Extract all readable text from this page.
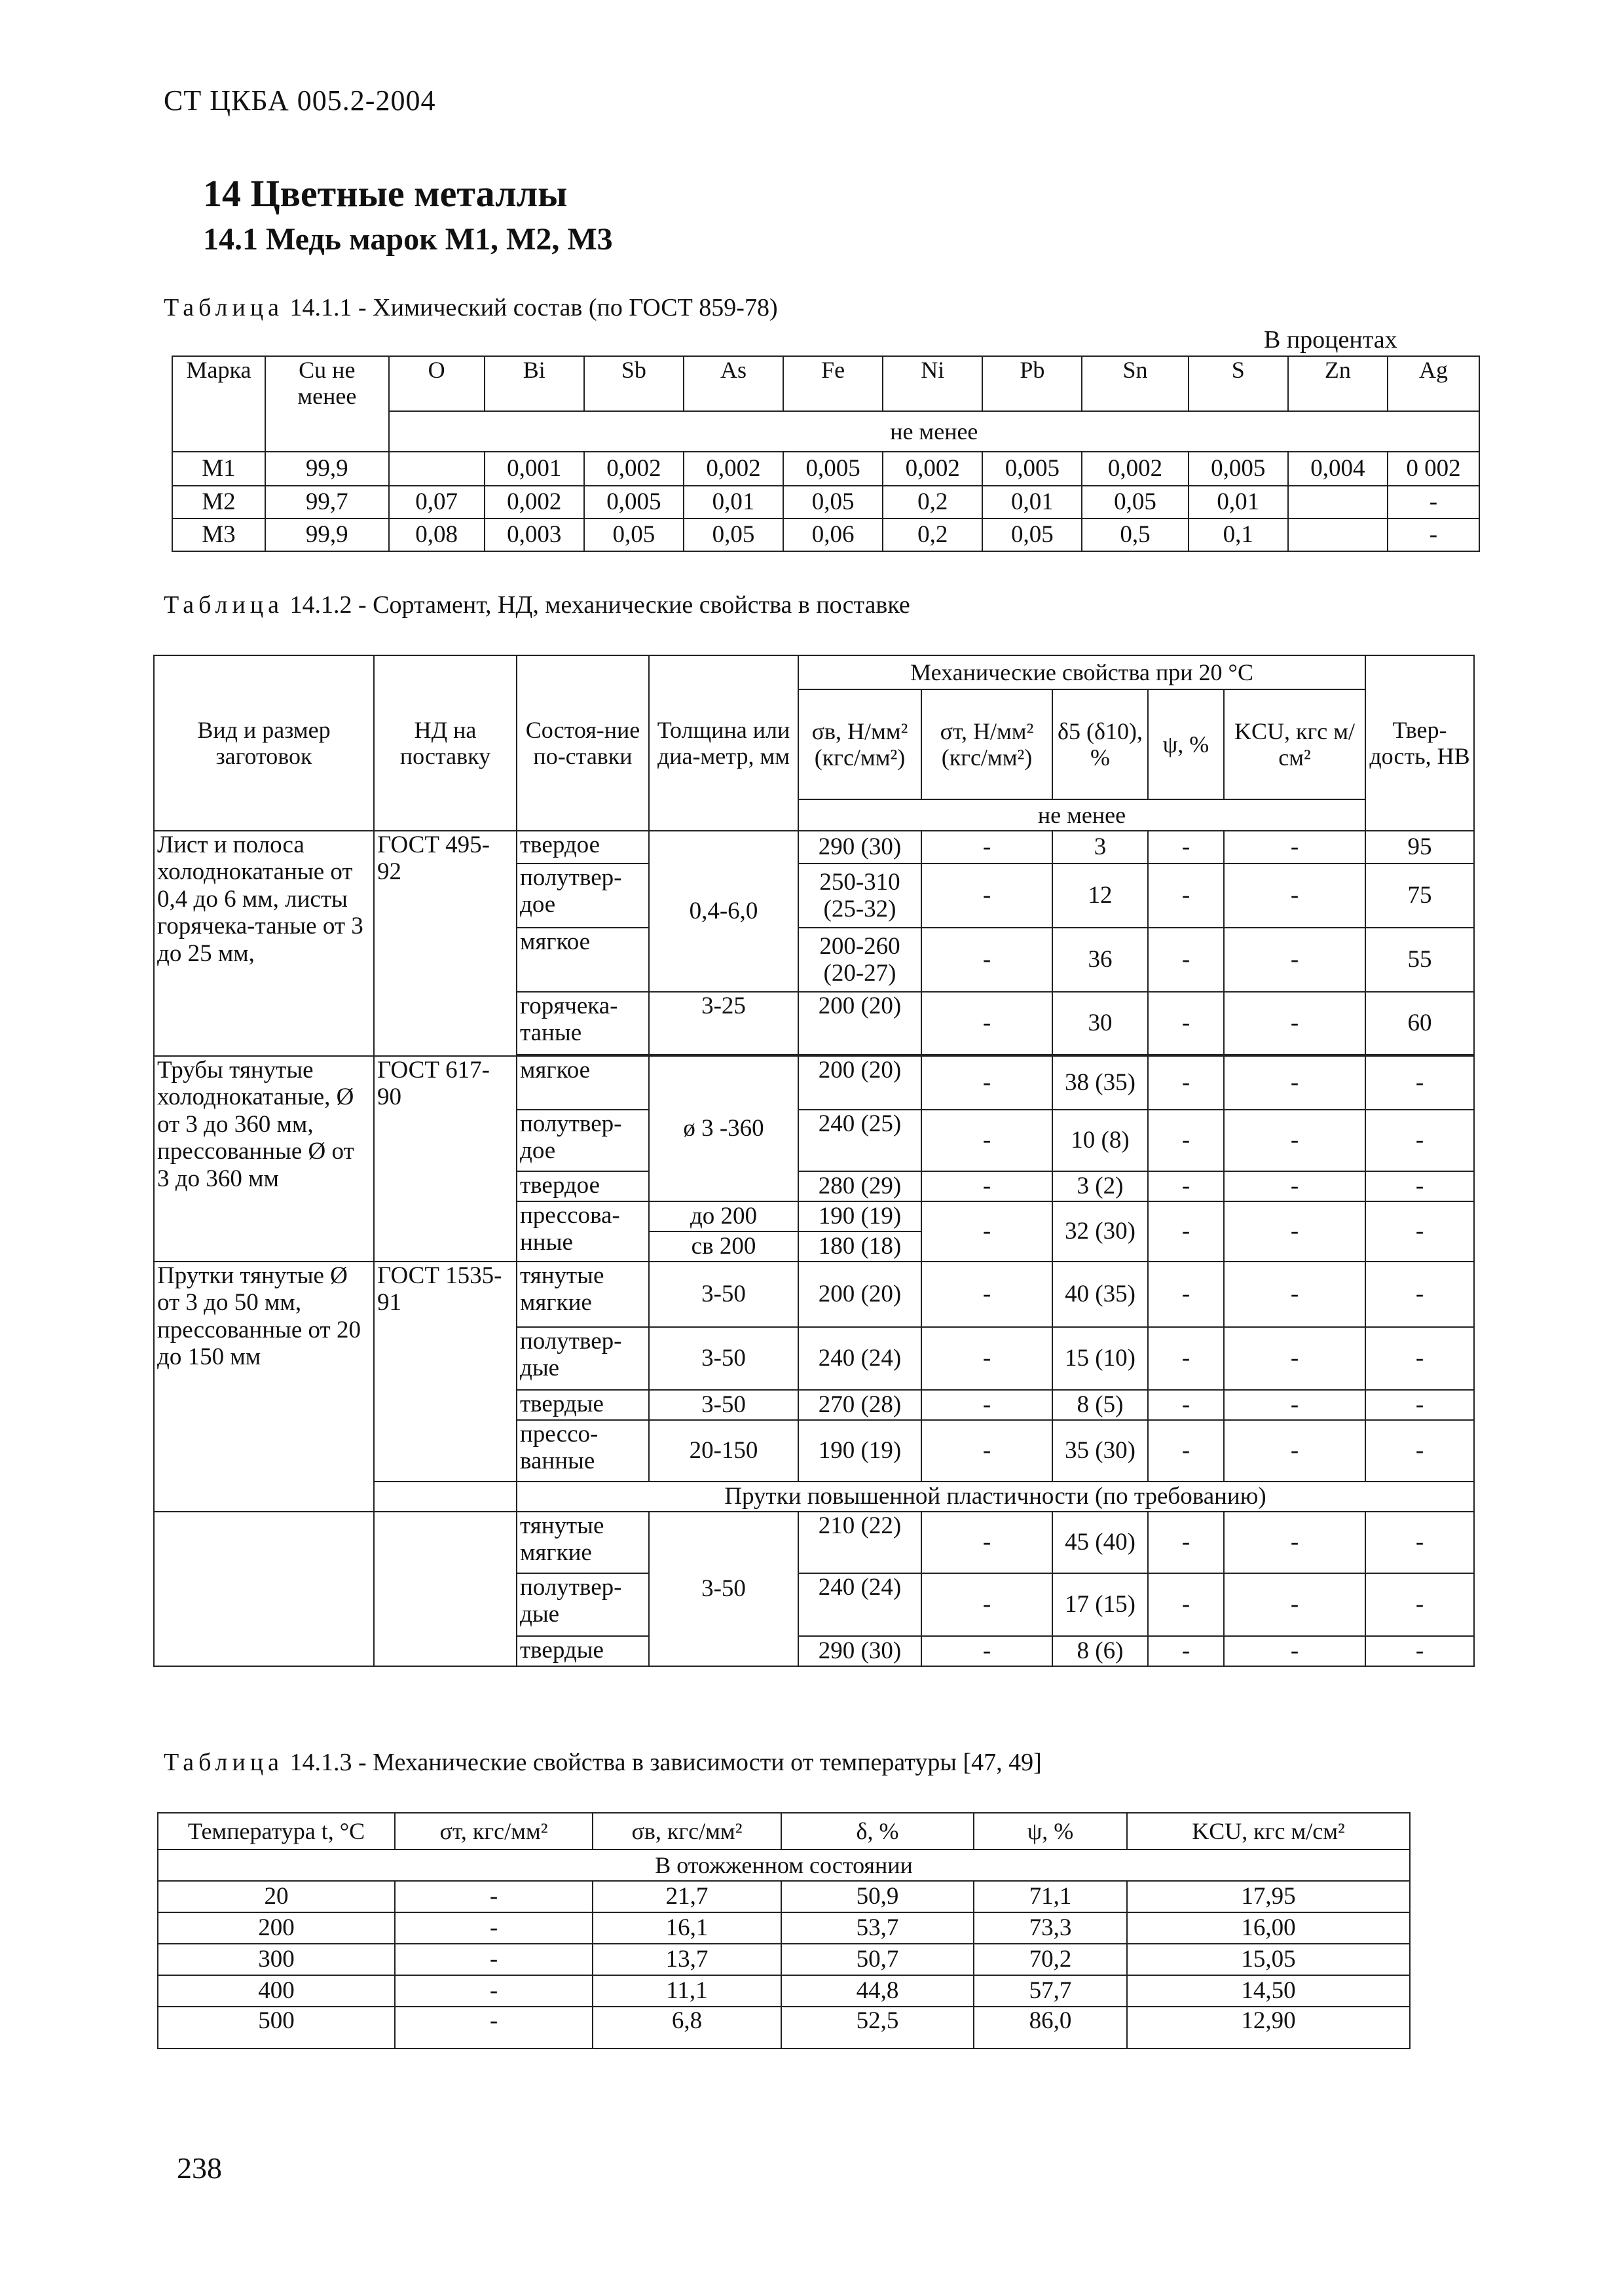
СТ ЦКБА 005.2-2004
14 Цветные металлы
14.1 Медь марок М1, М2, М3
Таблица 14.1.1 - Химический состав (по ГОСТ 859-78)
В процентах
Марка	Cu не менее	O	Bi	Sb	As	Fe	Ni	Pb	Sn	S	Zn	Ag
		не менее										
М1	99,9		0,001	0,002	0,002	0,005	0,002	0,005	0,002	0,005	0,004	0 002
М2	99,7	0,07	0,002	0,005	0,01	0,05	0,2	0,01	0,05	0,01		-
М3	99,9	0,08	0,003	0,05	0,05	0,06	0,2	0,05	0,5	0,1		-
Таблица 14.1.2 - Сортамент, НД, механические свойства в поставке
Вид и размер заготовок	НД на поставку	Состоя-ние по-ставки	Толщина или диа-метр, мм	Механические свойства при 20 °С					Твер-дость, НВ
				σв, Н/мм² (кгс/мм²)	σт, Н/мм² (кгс/мм²)	δ5 (δ10), %	ψ, %	KCU, кгс м/см²	
				не менее					
Лист и полоса холоднокатаные от 0,4 до 6 мм, листы горячека-таные от 3 до 25 мм,	ГОСТ 495-92	твердое	0,4-6,0	290 (30)	-	3	-	-	95
		полутвер-дое		250-310 (25-32)	-	12	-	-	75
		мягкое		200-260 (20-27)	-	36	-	-	55
		горячека-таные	3-25	200 (20)	-	30	-	-	60

Трубы тянутые холоднокатаные, Ø от 3 до 360 мм, прессованные Ø от 3 до 360 мм	ГОСТ 617-90	мягкое	ø 3 -360	200 (20)	-	38 (35)	-	-	-
		полутвер-дое		240 (25)	-	10 (8)	-	-	-
		твердое		280 (29)	-	3 (2)	-	-	-
		прессова-нные	до 200	190 (19)	-	32 (30)	-	-	-
			св 200	180 (18)					
Прутки тянутые Ø от 3 до 50 мм, прессованные от 20 до 150 мм	ГОСТ 1535-91	тянутые мягкие	3-50	200 (20)	-	40 (35)	-	-	-
		полутвер-дые	3-50	240 (24)	-	15 (10)	-	-	-
		твердые	3-50	270 (28)	-	8 (5)	-	-	-
		прессо-ванные	20-150	190 (19)	-	35 (30)	-	-	-
		Прутки повышенной пластичности (по требованию)							
		тянутые мягкие	3-50	210 (22)	-	45 (40)	-	-	-
		полутвер-дые		240 (24)	-	17 (15)	-	-	-
		твердые		290 (30)	-	8 (6)	-	-	-
Таблица 14.1.3 - Механические свойства в зависимости от температуры [47, 49]
Температура t, °С	σт, кгс/мм²	σв, кгс/мм²	δ, %	ψ, %	KCU, кгс м/см²
В отожженном состоянии					
20	-	21,7	50,9	71,1	17,95
200	-	16,1	53,7	73,3	16,00
300	-	13,7	50,7	70,2	15,05
400	-	11,1	44,8	57,7	14,50
500	-	6,8	52,5	86,0	12,90
238
